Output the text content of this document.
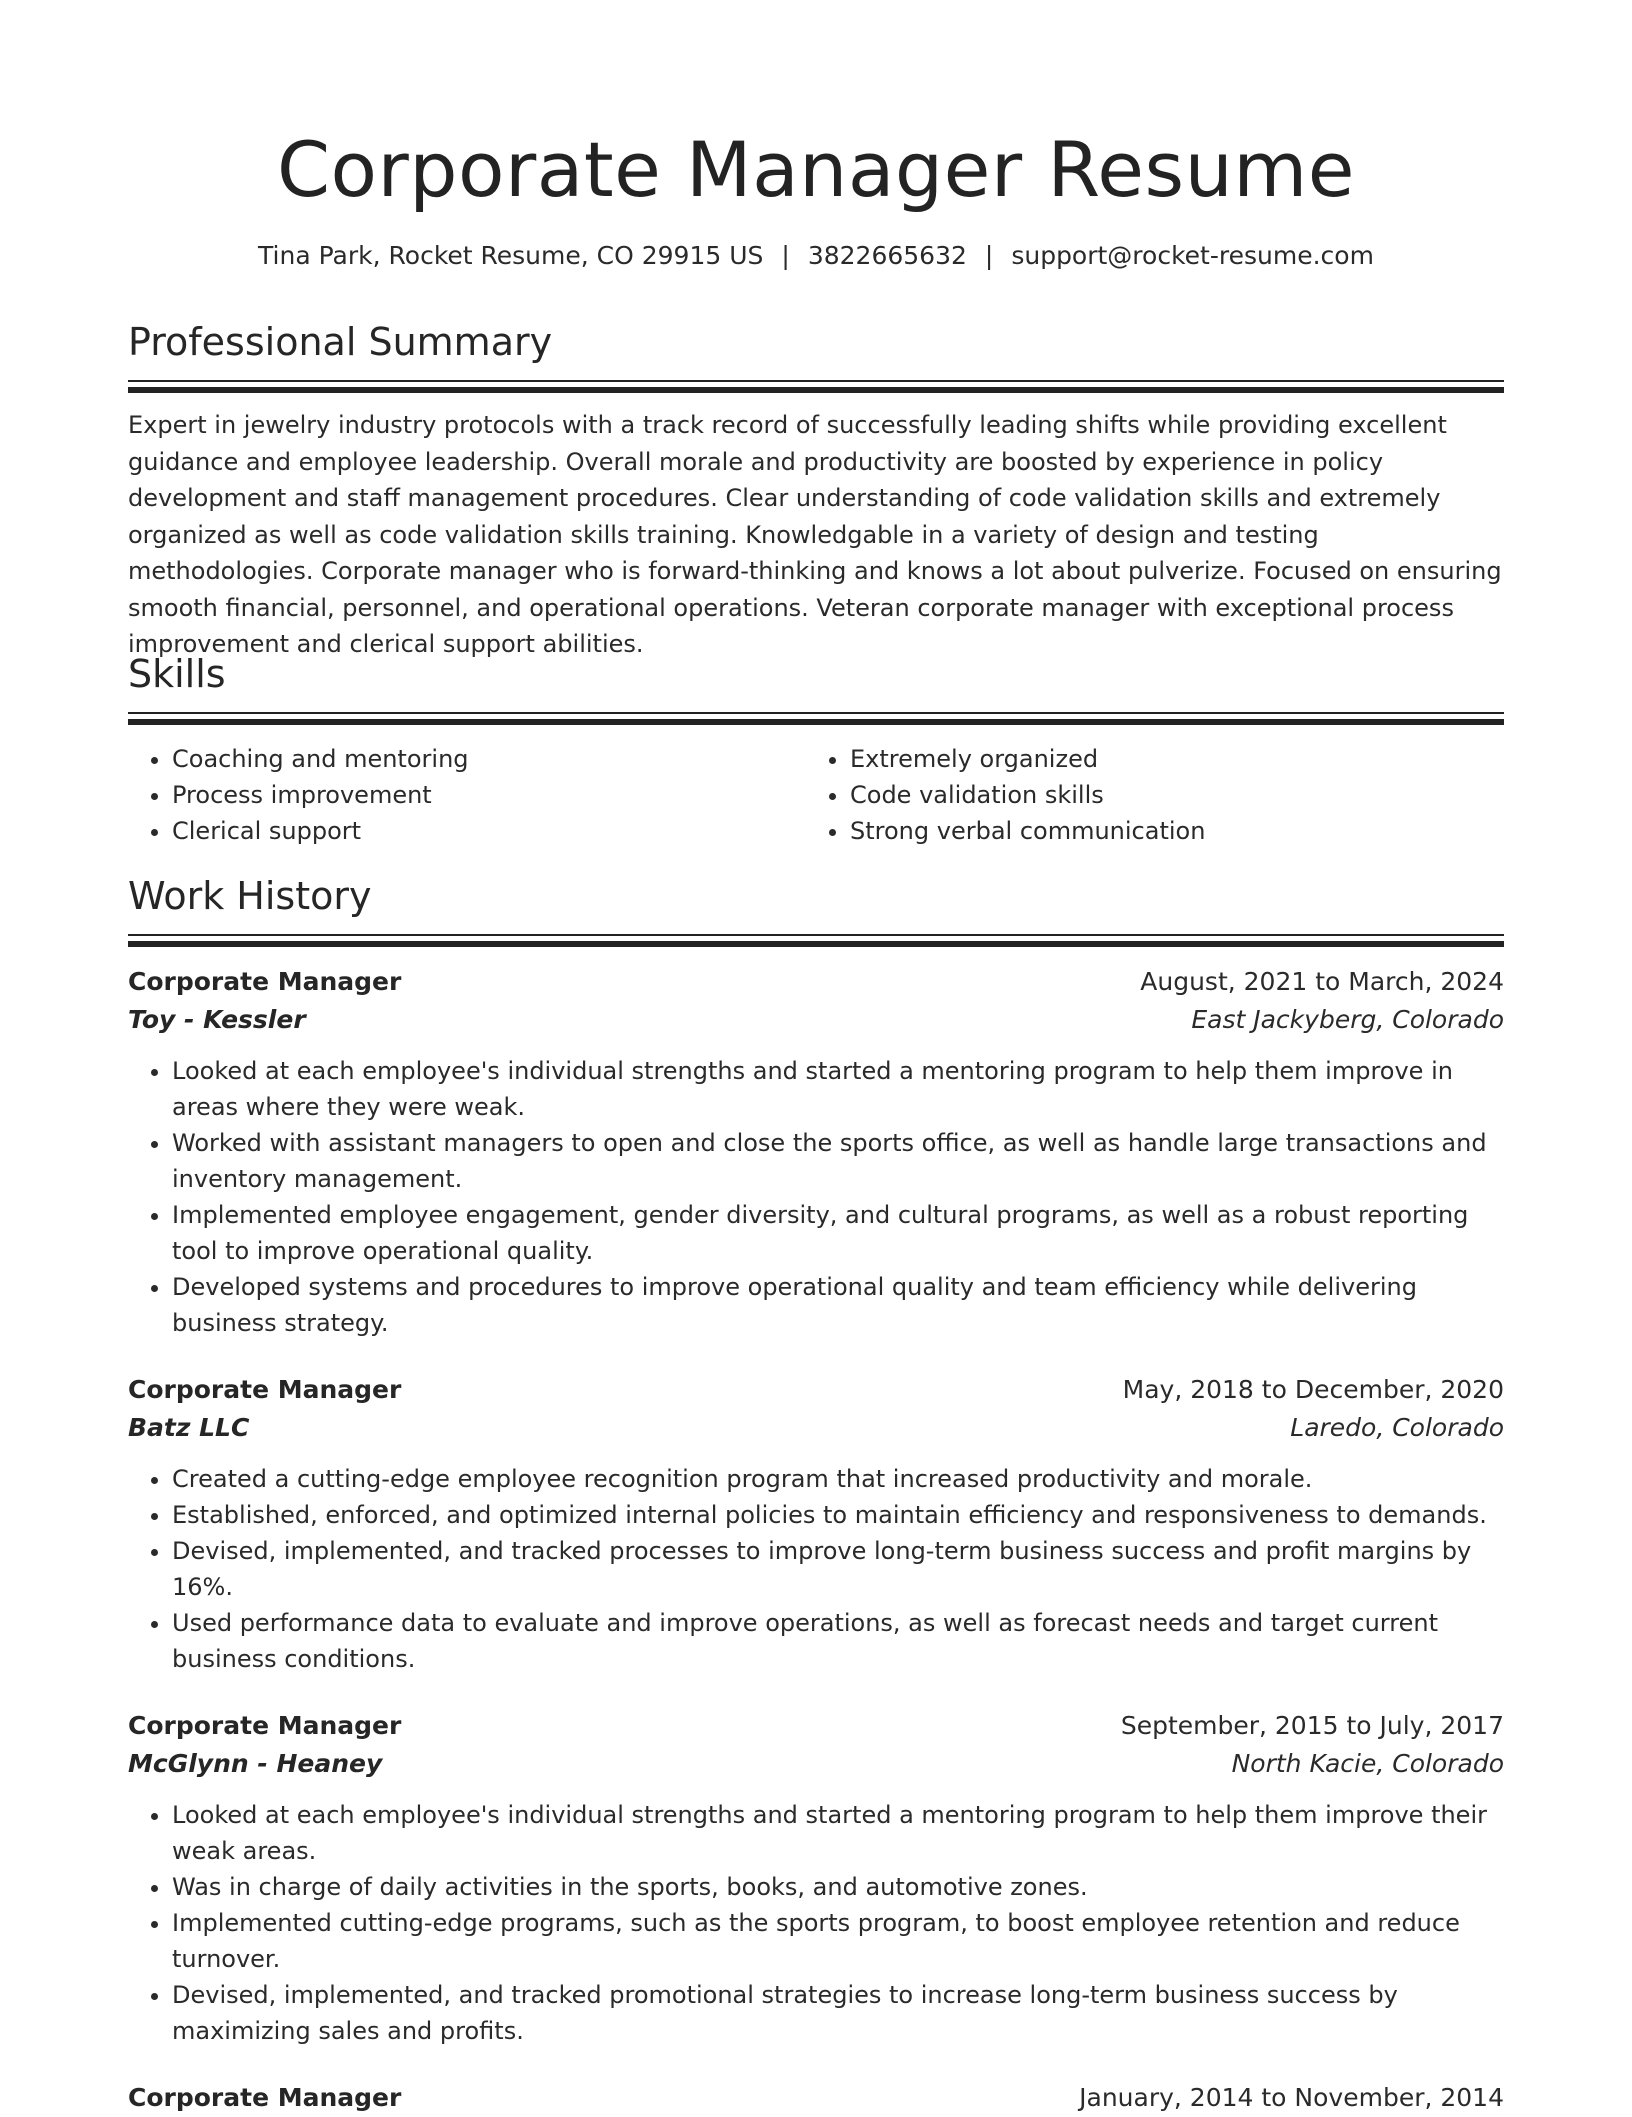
Corporate Manager Resume
Tina Park, Rocket Resume, CO 29915 US | 3822665632 | support@rocket-resume.com
Professional Summary
Expert in jewelry industry protocols with a track record of successfully leading shifts while providing excellent guidance and employee leadership. Overall morale and productivity are boosted by experience in policy development and staff management procedures. Clear understanding of code validation skills and extremely organized as well as code validation skills training. Knowledgable in a variety of design and testing methodologies. Corporate manager who is forward-thinking and knows a lot about pulverize. Focused on ensuring smooth financial, personnel, and operational operations. Veteran corporate manager with exceptional process improvement and clerical support abilities.
Skills
• Coaching and mentoring
• Process improvement
• Clerical support
• Extremely organized
• Code validation skills
• Strong verbal communication
Work History
Corporate Manager	August, 2021 to March, 2024
Toy - Kessler	East Jackyberg, Colorado
• Looked at each employee's individual strengths and started a mentoring program to help them improve in areas where they were weak.
• Worked with assistant managers to open and close the sports office, as well as handle large transactions and inventory management.
• Implemented employee engagement, gender diversity, and cultural programs, as well as a robust reporting tool to improve operational quality.
• Developed systems and procedures to improve operational quality and team efficiency while delivering business strategy.
Corporate Manager	May, 2018 to December, 2020
Batz LLC	Laredo, Colorado
• Created a cutting-edge employee recognition program that increased productivity and morale.
• Established, enforced, and optimized internal policies to maintain efficiency and responsiveness to demands.
• Devised, implemented, and tracked processes to improve long-term business success and profit margins by 16%.
• Used performance data to evaluate and improve operations, as well as forecast needs and target current business conditions.
Corporate Manager	September, 2015 to July, 2017
McGlynn - Heaney	North Kacie, Colorado
• Looked at each employee's individual strengths and started a mentoring program to help them improve their weak areas.
• Was in charge of daily activities in the sports, books, and automotive zones.
• Implemented cutting-edge programs, such as the sports program, to boost employee retention and reduce turnover.
• Devised, implemented, and tracked promotional strategies to increase long-term business success by maximizing sales and profits.
Corporate Manager	January, 2014 to November, 2014
